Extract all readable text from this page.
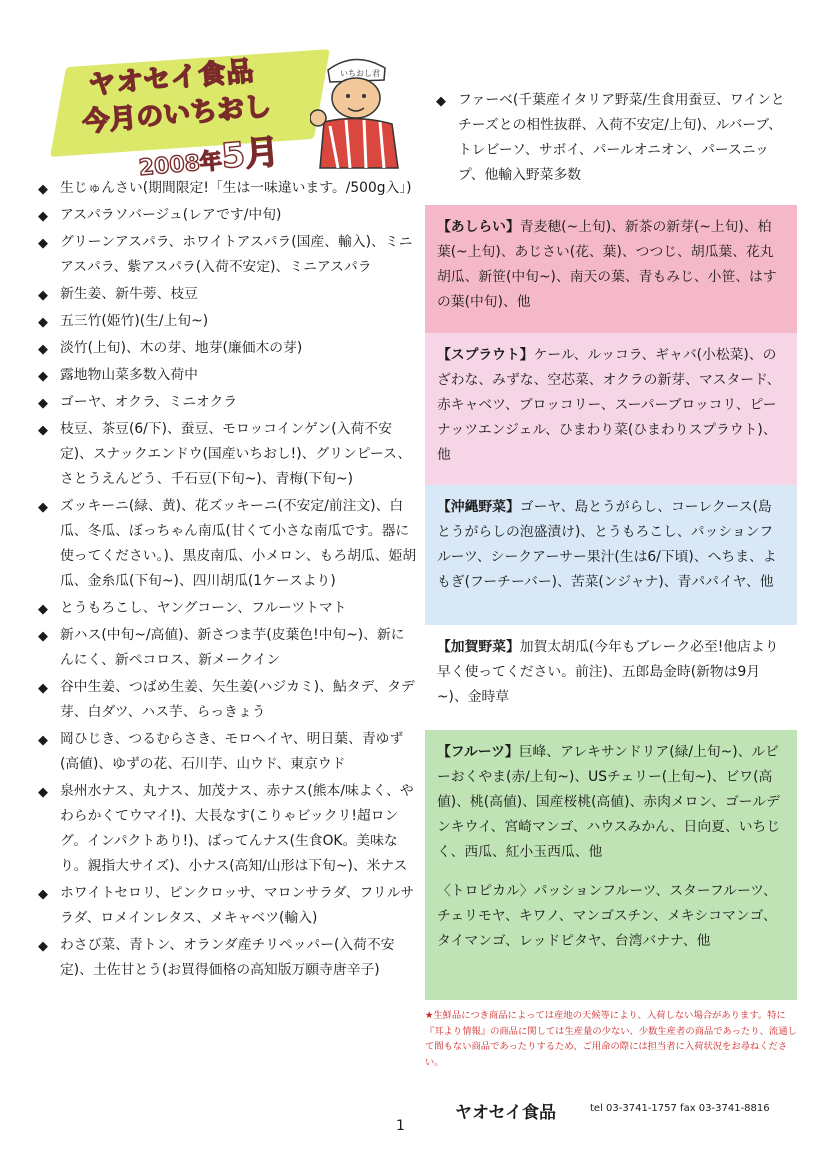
ヤオセイ食品
今月のいちおし
2008年5月
いちおし君
◆ 生じゅんさい(期間限定!「生は一味違います。/500g入」)
◆ アスパラソバージュ(レアです/中旬)
◆ グリーンアスパラ、ホワイトアスパラ(国産、輸入)、ミニアスパラ、紫アスパラ(入荷不安定)、ミニアスパラ
◆ 新生姜、新牛蒡、枝豆
◆ 五三竹(姫竹)(生/上旬~)
◆ 淡竹(上旬)、木の芽、地芽(廉価木の芽)
◆ 露地物山菜多数入荷中
◆ ゴーヤ、オクラ、ミニオクラ
◆ 枝豆、茶豆(6/下)、蚕豆、モロッコインゲン(入荷不安定)、スナックエンドウ(国産いちおし!)、グリンピース、さとうえんどう、千石豆(下旬~)、青梅(下旬~)
◆ ズッキーニ(緑、黄)、花ズッキーニ(不安定/前注文)、白瓜、冬瓜、ぼっちゃん南瓜(甘くて小さな南瓜です。器に使ってください。)、黒皮南瓜、小メロン、もろ胡瓜、姫胡瓜、金糸瓜(下旬~)、四川胡瓜(1ケースより)
◆ とうもろこし、ヤングコーン、フルーツトマト
◆ 新ハス(中旬~/高値)、新さつま芋(皮葉色!中旬~)、新にんにく、新ペコロス、新メークイン
◆ 谷中生姜、つばめ生姜、矢生姜(ハジカミ)、鮎タデ、タデ芽、白ダツ、ハス芋、らっきょう
◆ 岡ひじき、つるむらさき、モロヘイヤ、明日葉、青ゆず(高値)、ゆずの花、石川芋、山ウド、東京ウド
◆ 泉州水ナス、丸ナス、加茂ナス、赤ナス(熊本/味よく、やわらかくてウマイ!)、大長なす(こりゃビックリ!超ロング。インパクトあり!)、ばってんナス(生食OK。美味なり。親指大サイズ)、小ナス(高知/山形は下旬~)、米ナス
◆ ホワイトセロリ、ピンクロッサ、マロンサラダ、フリルサラダ、ロメインレタス、メキャベツ(輸入)
◆ わさび菜、青トン、オランダ産チリペッパー(入荷不安定)、土佐甘とう(お買得価格の高知版万願寺唐辛子)
◆ ファーベ(千葉産イタリア野菜/生食用蚕豆、ワインとチーズとの相性抜群、入荷不安定/上旬)、ルバーブ、トレビーソ、サボイ、パールオニオン、パースニップ、他輸入野菜多数
【あしらい】青麦穂(~上旬)、新茶の新芽(~上旬)、柏葉(~上旬)、あじさい(花、葉)、つつじ、胡瓜葉、花丸胡瓜、新笹(中旬~)、南天の葉、青もみじ、小笹、はすの葉(中旬)、他
【スプラウト】ケール、ルッコラ、ギャバ(小松菜)、のざわな、みずな、空芯菜、オクラの新芽、マスタード、赤キャベツ、ブロッコリー、スーパーブロッコリ、ピーナッツエンジェル、ひまわり菜(ひまわりスプラウト)、他
【沖縄野菜】ゴーヤ、島とうがらし、コーレクース(島とうがらしの泡盛漬け)、とうもろこし、パッションフルーツ、シークアーサー果汁(生は6/下頃)、へちま、よもぎ(フーチーバー)、苦菜(ンジャナ)、青パパイヤ、他
【加賀野菜】加賀太胡瓜(今年もブレーク必至!他店より早く使ってください。前注)、五郎島金時(新物は9月~)、金時草
【フルーツ】巨峰、アレキサンドリア(緑/上旬~)、ルビーおくやま(赤/上旬~)、USチェリー(上旬~)、ビワ(高値)、桃(高値)、国産桜桃(高値)、赤肉メロン、ゴールデンキウイ、宮崎マンゴ、ハウスみかん、日向夏、いちじく、西瓜、紅小玉西瓜、他
〈トロピカル〉パッションフルーツ、スターフルーツ、チェリモヤ、キワノ、マンゴスチン、メキシコマンゴ、タイマンゴ、レッドピタヤ、台湾バナナ、他
★生鮮品につき商品によっては産地の天候等により、入荷しない場合があります。特に『耳より情報』の商品に関しては生産量の少ない、少数生産者の商品であったり、流通して間もない商品であったりするため、ご用命の際には担当者に入荷状況をお尋ねください。
ヤオセイ食品	tel 03-3741-1757 fax 03-3741-8816
1
